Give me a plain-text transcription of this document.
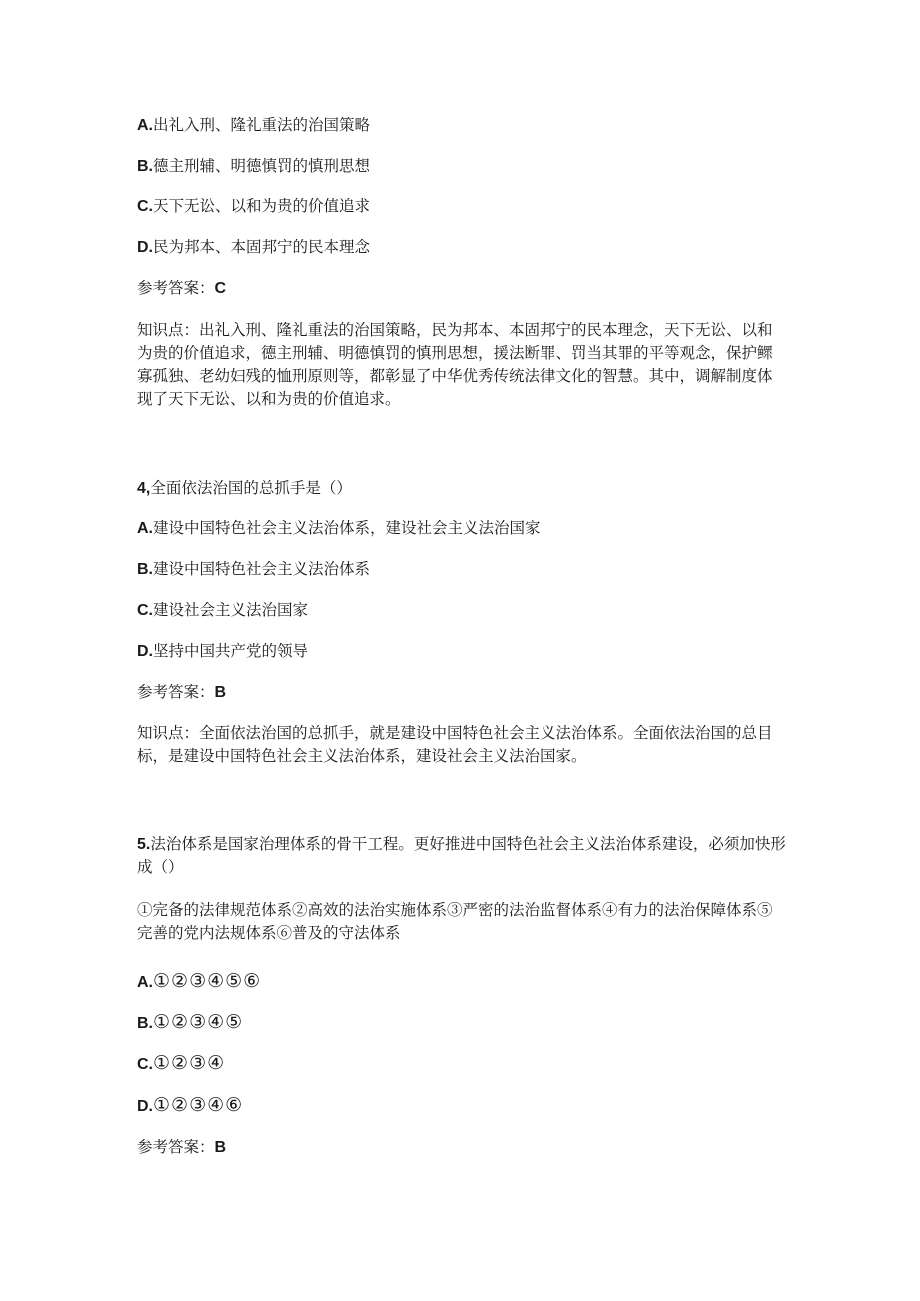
A.出礼入刑、隆礼重法的治国策略
B.德主刑辅、明德慎罚的慎刑思想
C.天下无讼、以和为贵的价值追求
D.民为邦本、本固邦宁的民本理念
参考答案：C
知识点：出礼入刑、隆礼重法的治国策略，民为邦本、本固邦宁的民本理念，天下无讼、以和为贵的价值追求，德主刑辅、明德慎罚的慎刑思想，援法断罪、罚当其罪的平等观念，保护鳏寡孤独、老幼妇残的恤刑原则等，都彰显了中华优秀传统法律文化的智慧。其中，调解制度体现了天下无讼、以和为贵的价值追求。
4,全面依法治国的总抓手是（）
A.建设中国特色社会主义法治体系，建设社会主义法治国家
B.建设中国特色社会主义法治体系
C.建设社会主义法治国家
D.坚持中国共产党的领导
参考答案：B
知识点：全面依法治国的总抓手，就是建设中国特色社会主义法治体系。全面依法治国的总目标，是建设中国特色社会主义法治体系，建设社会主义法治国家。
5.法治体系是国家治理体系的骨干工程。更好推进中国特色社会主义法治体系建设，必须加快形成（）
①完备的法律规范体系②高效的法治实施体系③严密的法治监督体系④有力的法治保障体系⑤完善的党内法规体系⑥普及的守法体系
A.①②③④⑤⑥
B.①②③④⑤
C.①②③④
D.①②③④⑥
参考答案：B
